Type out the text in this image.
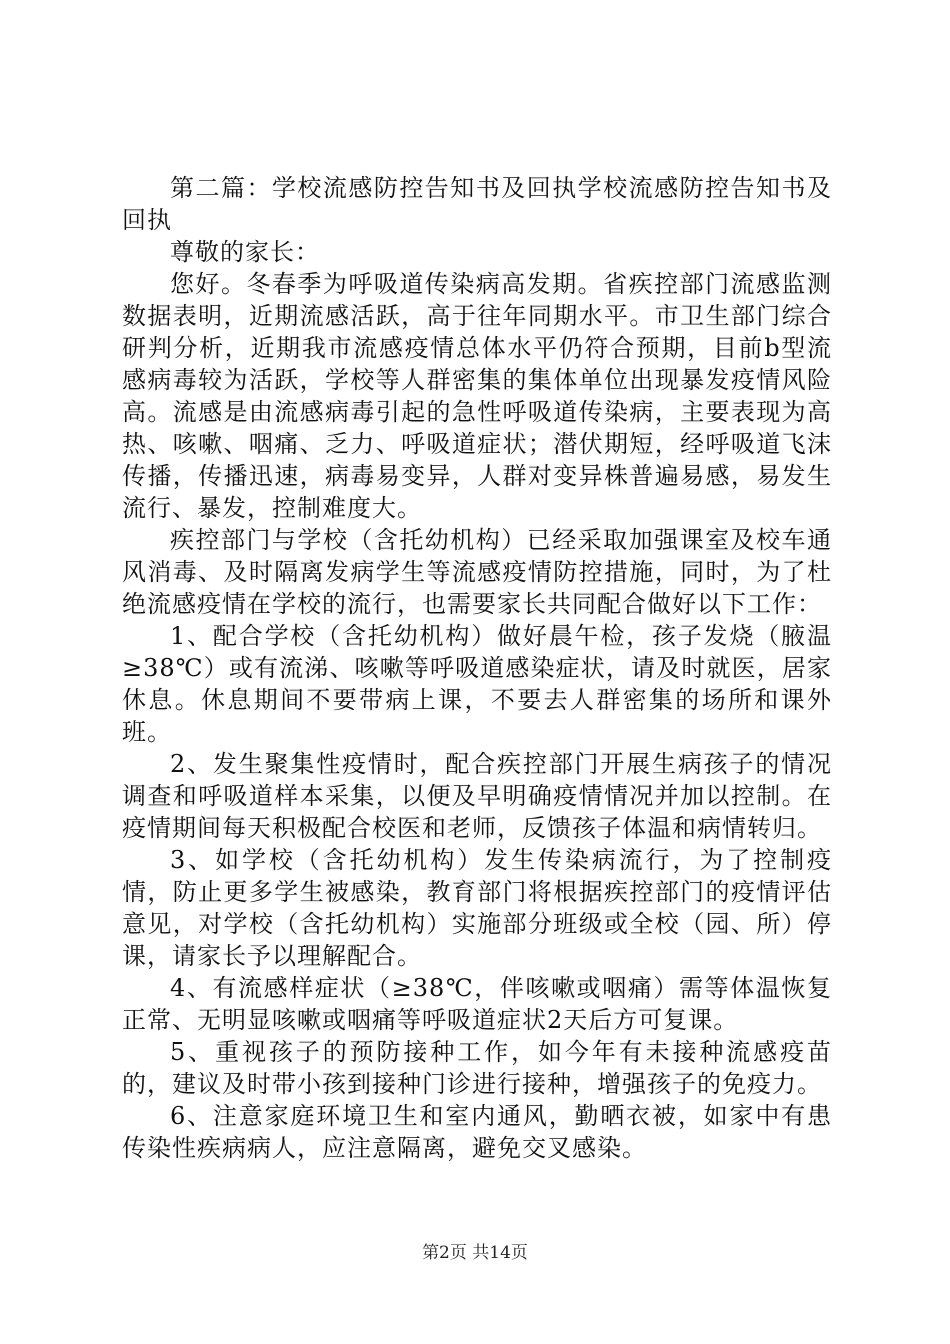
第二篇：学校流感防控告知书及回执学校流感防控告知书及回执

尊敬的家长：

您好。冬春季为呼吸道传染病高发期。省疾控部门流感监测数据表明，近期流感活跃，高于往年同期水平。市卫生部门综合研判分析，近期我市流感疫情总体水平仍符合预期，目前b型流感病毒较为活跃，学校等人群密集的集体单位出现暴发疫情风险高。流感是由流感病毒引起的急性呼吸道传染病，主要表现为高热、咳嗽、咽痛、乏力、呼吸道症状；潜伏期短，经呼吸道飞沫传播，传播迅速，病毒易变异，人群对变异株普遍易感，易发生流行、暴发，控制难度大。

疾控部门与学校（含托幼机构）已经采取加强课室及校车通风消毒、及时隔离发病学生等流感疫情防控措施，同时，为了杜绝流感疫情在学校的流行，也需要家长共同配合做好以下工作：

1、配合学校（含托幼机构）做好晨午检，孩子发烧（腋温≥38℃）或有流涕、咳嗽等呼吸道感染症状，请及时就医，居家休息。休息期间不要带病上课，不要去人群密集的场所和课外班。

2、发生聚集性疫情时，配合疾控部门开展生病孩子的情况调查和呼吸道样本采集，以便及早明确疫情情况并加以控制。在疫情期间每天积极配合校医和老师，反馈孩子体温和病情转归。

3、如学校（含托幼机构）发生传染病流行，为了控制疫情，防止更多学生被感染，教育部门将根据疾控部门的疫情评估意见，对学校（含托幼机构）实施部分班级或全校（园、所）停课，请家长予以理解配合。

4、有流感样症状（≥38℃，伴咳嗽或咽痛）需等体温恢复正常、无明显咳嗽或咽痛等呼吸道症状2天后方可复课。

5、重视孩子的预防接种工作，如今年有未接种流感疫苗的，建议及时带小孩到接种门诊进行接种，增强孩子的免疫力。

6、注意家庭环境卫生和室内通风，勤晒衣被，如家中有患传染性疾病病人，应注意隔离，避免交叉感染。

第2页 共14页
